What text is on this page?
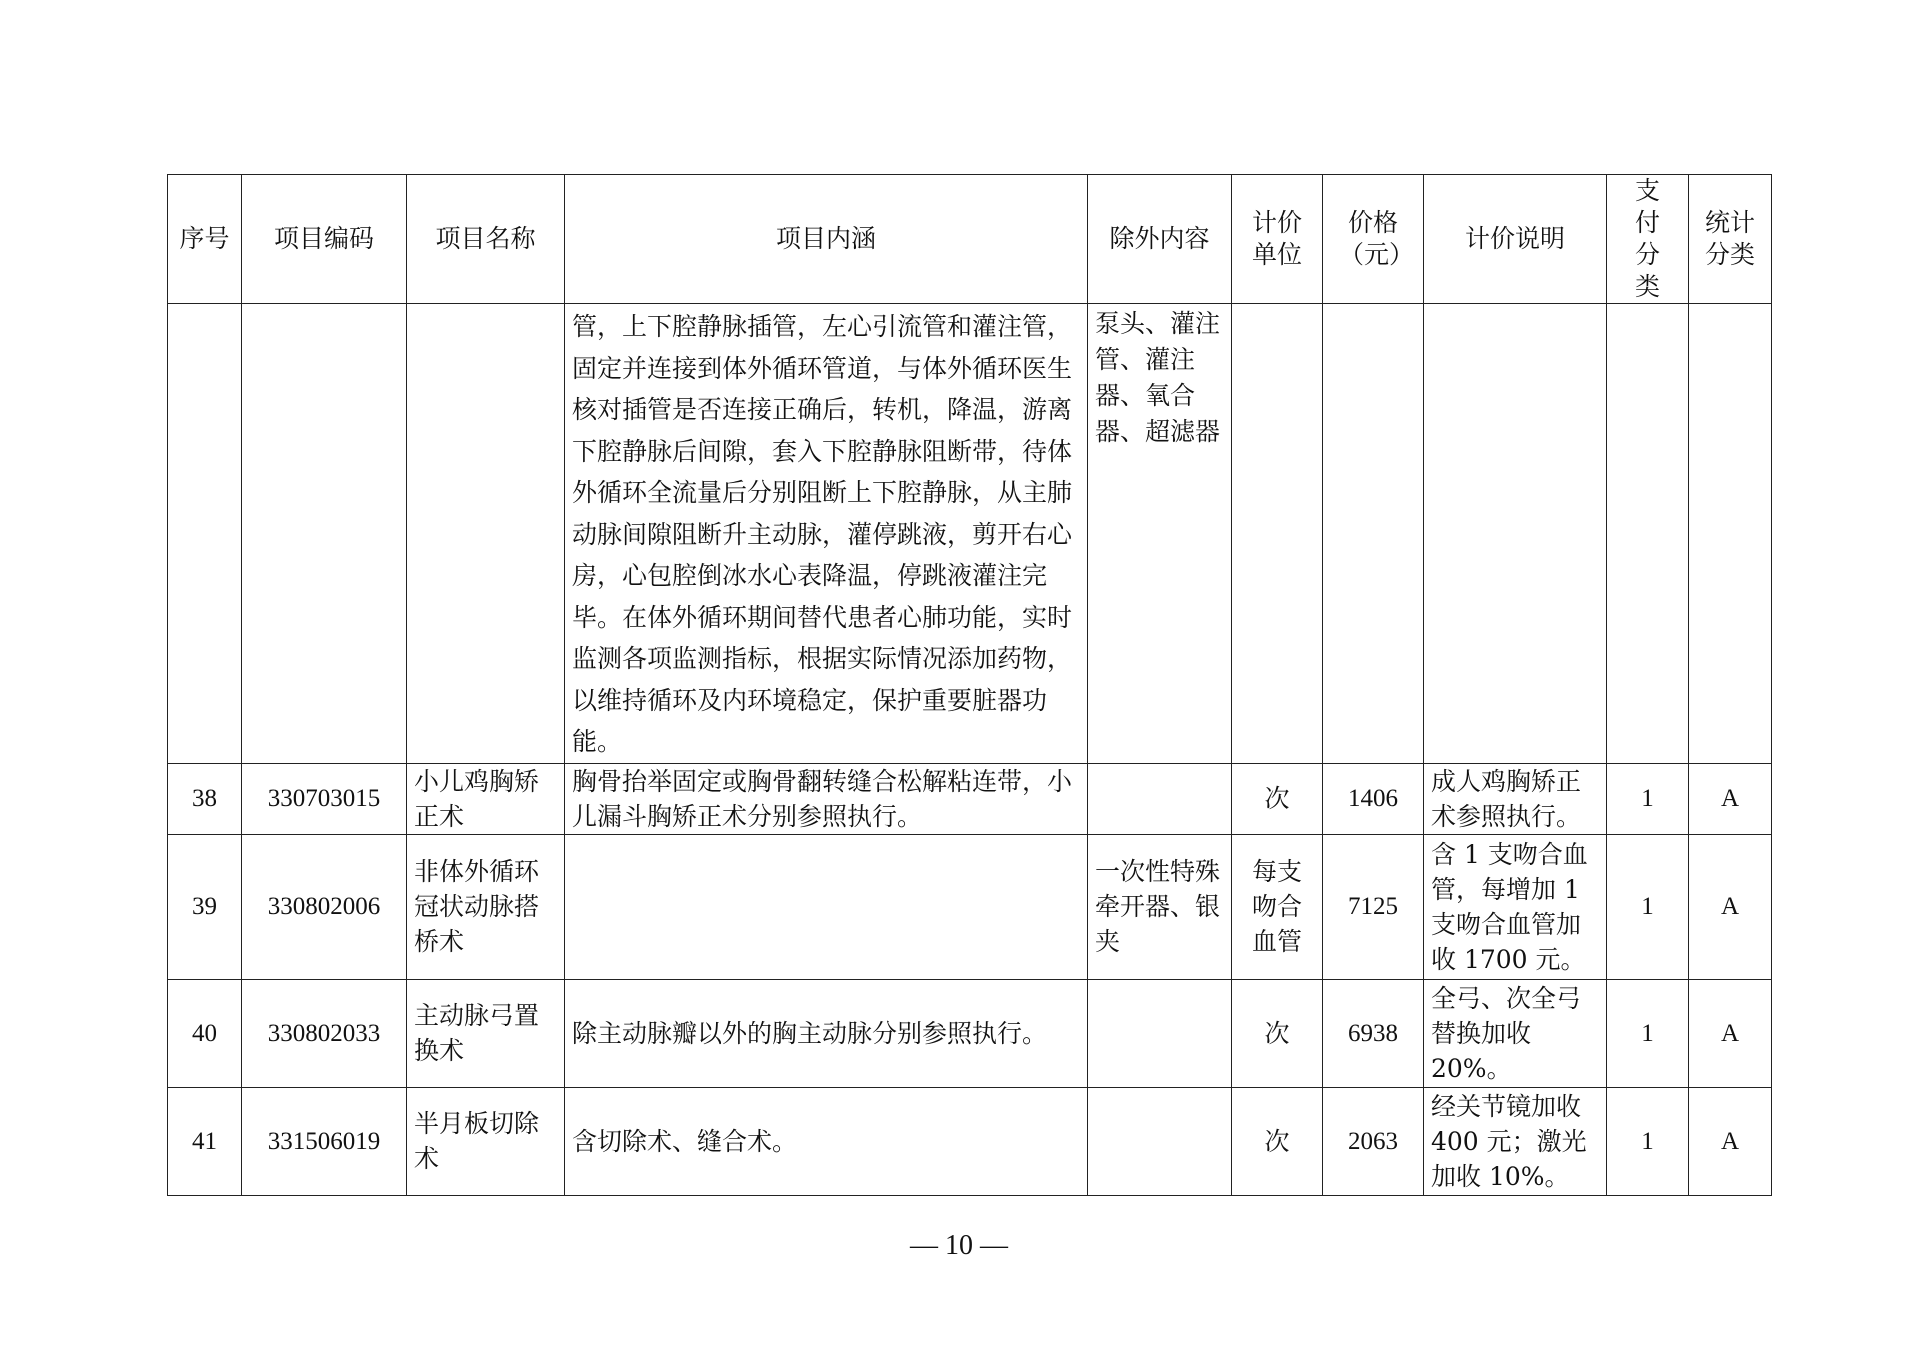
序号	项目编码	项目名称	项目内涵	除外内容	计价单位	价格（元）	计价说明	支付分类	统计分类
			管，上下腔静脉插管，左心引流管和灌注管，固定并连接到体外循环管道，与体外循环医生核对插管是否连接正确后，转机，降温，游离下腔静脉后间隙，套入下腔静脉阻断带，待体外循环全流量后分别阻断上下腔静脉，从主肺动脉间隙阻断升主动脉，灌停跳液，剪开右心房，心包腔倒冰水心表降温，停跳液灌注完毕。在体外循环期间替代患者心肺功能，实时监测各项监测指标，根据实际情况添加药物，以维持循环及内环境稳定，保护重要脏器功能。	泵头、灌注管、灌注器、氧合器、超滤器					
38	330703015	小儿鸡胸矫正术	胸骨抬举固定或胸骨翻转缝合松解粘连带，小儿漏斗胸矫正术分别参照执行。		次	1406	成人鸡胸矫正术参照执行。	1	A
39	330802006	非体外循环冠状动脉搭桥术		一次性特殊牵开器、银夹	每支吻合血管	7125	含 1 支吻合血管，每增加 1 支吻合血管加收 1700 元。	1	A
40	330802033	主动脉弓置换术	除主动脉瓣以外的胸主动脉分别参照执行。		次	6938	全弓、次全弓替换加收 20%。	1	A
41	331506019	半月板切除术	含切除术、缝合术。		次	2063	经关节镜加收 400 元；激光加收 10%。	1	A
— 10 —
